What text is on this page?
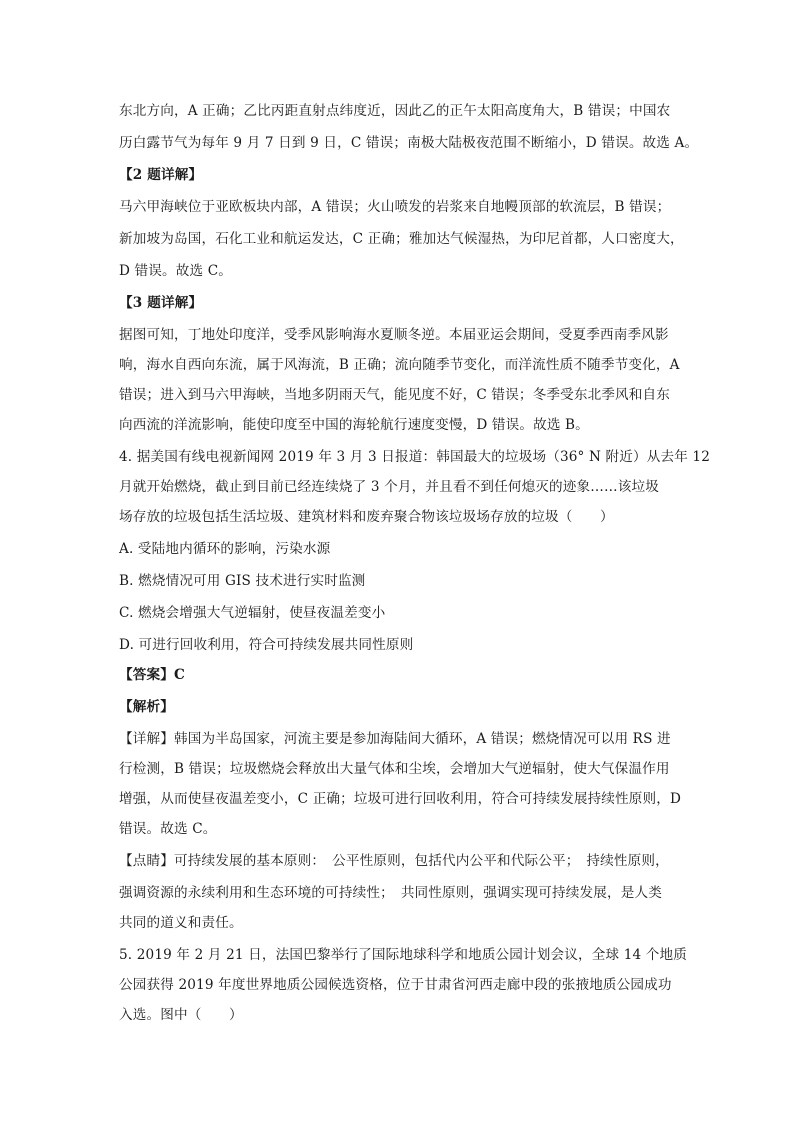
东北方向，A 正确；乙比丙距直射点纬度近，因此乙的正午太阳高度角大，B 错误；中国农
历白露节气为每年 9 月 7 日到 9 日，C 错误；南极大陆极夜范围不断缩小，D 错误。故选 A。
【2 题详解】
马六甲海峡位于亚欧板块内部，A 错误；火山喷发的岩浆来自地幔顶部的软流层，B 错误；
新加坡为岛国，石化工业和航运发达，C 正确；雅加达气候湿热，为印尼首都，人口密度大，
D 错误。故选 C。
【3 题详解】
据图可知，丁地处印度洋，受季风影响海水夏顺冬逆。本届亚运会期间，受夏季西南季风影
响，海水自西向东流，属于风海流，B 正确；流向随季节变化，而洋流性质不随季节变化，A
错误；进入到马六甲海峡，当地多阴雨天气，能见度不好，C 错误；冬季受东北季风和自东
向西流的洋流影响，能使印度至中国的海轮航行速度变慢，D 错误。故选 B。
4. 据美国有线电视新闻网 2019 年 3 月 3 日报道：韩国最大的垃圾场（36° N 附近）从去年 12
月就开始燃烧，截止到目前已经连续烧了 3 个月，并且看不到任何熄灭的迹象……该垃圾
场存放的垃圾包括生活垃圾、建筑材料和废弃聚合物该垃圾场存放的垃圾（　　）
A. 受陆地内循环的影响，污染水源
B. 燃烧情况可用 GIS 技术进行实时监测
C. 燃烧会增强大气逆辐射，使昼夜温差变小
D. 可进行回收利用，符合可持续发展共同性原则
【答案】C
【解析】
【详解】韩国为半岛国家，河流主要是参加海陆间大循环，A 错误；燃烧情况可以用 RS 进
行检测，B 错误；垃圾燃烧会释放出大量气体和尘埃，会增加大气逆辐射，使大气保温作用
增强，从而使昼夜温差变小，C 正确；垃圾可进行回收利用，符合可持续发展持续性原则，D
错误。故选 C。
【点睛】可持续发展的基本原则：　公平性原则，包括代内公平和代际公平；　持续性原则，
强调资源的永续利用和生态环境的可持续性；　共同性原则，强调实现可持续发展，是人类
共同的道义和责任。
5. 2019 年 2 月 21 日，法国巴黎举行了国际地球科学和地质公园计划会议，全球 14 个地质
公园获得 2019 年度世界地质公园候选资格，位于甘肃省河西走廊中段的张掖地质公园成功
入选。图中（　　）
